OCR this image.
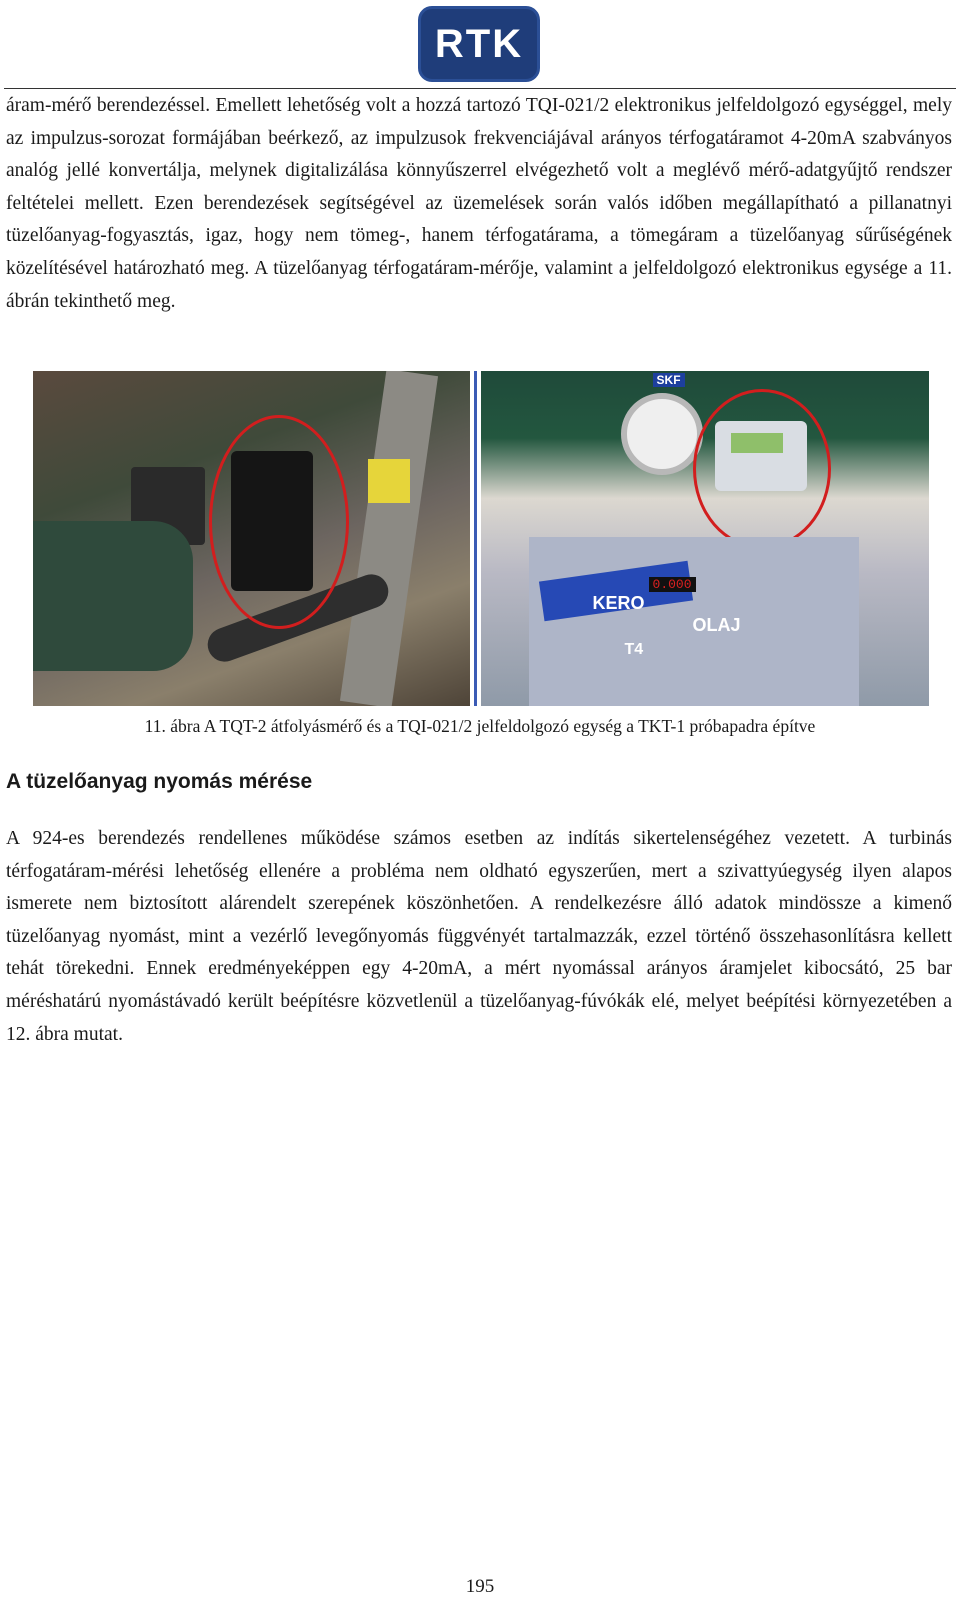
RTK

áram-mérő berendezéssel. Emellett lehetőség volt a hozzá tartozó TQI-021/2 elektronikus jelfeldolgozó egységgel, mely az impulzus-sorozat formájában beérkező, az impulzusok frekvenciájával arányos térfogatáramot 4-20mA szabványos analóg jellé konvertálja, melynek digitalizálása könnyűszerrel elvégezhető volt a meglévő mérő-adatgyűjtő rendszer feltételei mellett. Ezen berendezések segítségével az üzemelések során valós időben megállapítható a pillanatnyi tüzelőanyag-fogyasztás, igaz, hogy nem tömeg-, hanem térfogatárama, a tömegáram a tüzelőanyag sűrűségének közelítésével határozható meg. A tüzelőanyag térfogatáram-mérője, valamint a jelfeldolgozó elektronikus egysége a 11. ábrán tekinthető meg.

KERO
OLAJ
T4
0.000
SKF

11. ábra A TQT-2 átfolyásmérő és a TQI-021/2 jelfeldolgozó egység a TKT-1 próbapadra építve

A tüzelőanyag nyomás mérése

A 924-es berendezés rendellenes működése számos esetben az indítás sikertelenségéhez vezetett. A turbinás térfogatáram-mérési lehetőség ellenére a probléma nem oldható egyszerűen, mert a szivattyúegység ilyen alapos ismerete nem biztosított alárendelt szerepének köszönhetően. A rendelkezésre álló adatok mindössze a kimenő tüzelőanyag nyomást, mint a vezérlő levegőnyomás függvényét tartalmazzák, ezzel történő összehasonlításra kellett tehát törekedni. Ennek eredményeképpen egy 4-20mA, a mért nyomással arányos áramjelet kibocsátó, 25 bar méréshatárú nyomástávadó került beépítésre közvetlenül a tüzelőanyag-fúvókák elé, melyet beépítési környezetében a 12. ábra mutat.

195
